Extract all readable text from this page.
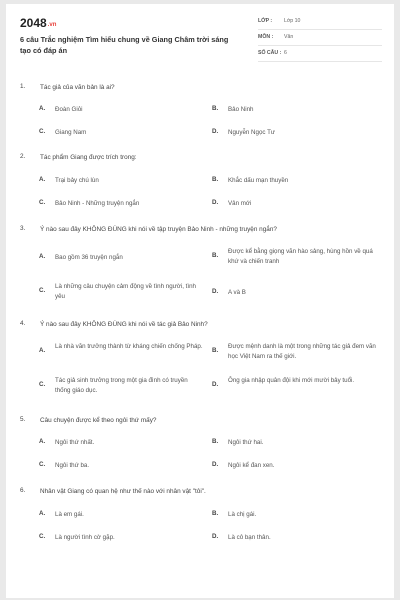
2048.vn
6 câu Trắc nghiệm Tìm hiểu chung về Giang Châm trời sáng tạo có đáp án
LỚP : Lớp 10
MÔN : Văn
SỐ CÂU : 6
1. Tác giả của văn bản là ai?
A. Đoàn Giỏi	B. Bảo Ninh
C. Giang Nam	D. Nguyễn Ngọc Tư
2. Tác phẩm Giang được trích trong:
A. Trại bảy chú lùn	B. Khắc dấu mạn thuyền
C. Bảo Ninh - Những truyện ngắn	D. Vân mới
3. Ý nào sau đây KHÔNG ĐÚNG khi nói về tập truyện Bảo Ninh - những truyện ngắn?
A. Bao gồm 36 truyện ngắn	B.
Được kể bằng giọng văn hào sảng, hùng hồn về quá khứ và chiến tranh
C.
Là những câu chuyện cảm động về tình người, tình yêu
D. A và B
4. Ý nào sau đây KHÔNG ĐÚNG khi nói về tác giả Bảo Ninh?
A.
Là nhà văn trưởng thành từ kháng chiến chống Pháp.
B.
Được mệnh danh là một trong những tác giả đem văn học Việt Nam ra thế giới.
C.
Tác giả sinh trưởng trong một gia đình có truyền thống giáo dục.
D.
Ông gia nhập quân đội khi mới mười bảy tuổi.
5. Câu chuyện được kể theo ngôi thứ mấy?
A. Ngôi thứ nhất.	B. Ngôi thứ hai.
C. Ngôi thứ ba.	D. Ngôi kể đan xen.
6. Nhân vật Giang có quan hệ như thế nào với nhân vật "tôi".
A. Là em gái.	B. Là chị gái.
C. Là người tình cờ gặp.	D. Là cô bạn thân.
